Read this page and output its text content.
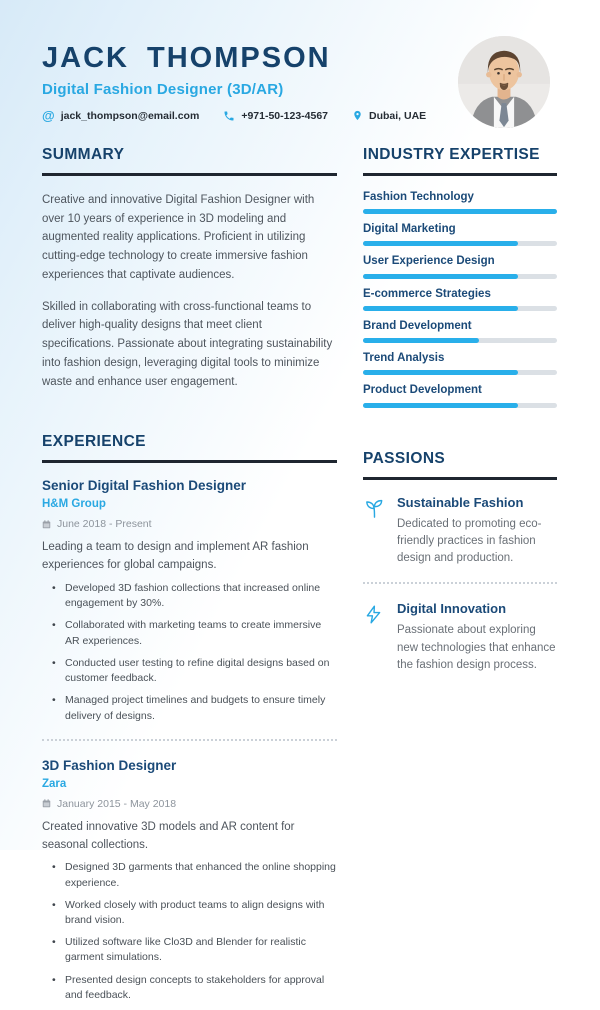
JACK THOMPSON
Digital Fashion Designer (3D/AR)
@ jack_thompson@email.com	+971-50-123-4567	Dubai, UAE
SUMMARY

Creative and innovative Digital Fashion Designer with over 10 years of experience in 3D modeling and augmented reality applications. Proficient in utilizing cutting-edge technology to create immersive fashion experiences that captivate audiences.

Skilled in collaborating with cross-functional teams to deliver high-quality designs that meet client specifications. Passionate about integrating sustainability into fashion design, leveraging digital tools to minimize waste and enhance user engagement.

EXPERIENCE
Senior Digital Fashion Designer
H&M Group
June 2018 - Present
Leading a team to design and implement AR fashion experiences for global campaigns.
• Developed 3D fashion collections that increased online engagement by 30%.
• Collaborated with marketing teams to create immersive AR experiences.
• Conducted user testing to refine digital designs based on customer feedback.
• Managed project timelines and budgets to ensure timely delivery of designs.
3D Fashion Designer
Zara
January 2015 - May 2018
Created innovative 3D models and AR content for seasonal collections.
• Designed 3D garments that enhanced the online shopping experience.
• Worked closely with product teams to align designs with brand vision.
• Utilized software like Clo3D and Blender for realistic garment simulations.
• Presented design concepts to stakeholders for approval and feedback.
INDUSTRY EXPERTISE
Fashion Technology
Digital Marketing
User Experience Design
E-commerce Strategies
Brand Development
Trend Analysis
Product Development
PASSIONS
Sustainable Fashion
Dedicated to promoting eco-friendly practices in fashion design and production.
Digital Innovation
Passionate about exploring new technologies that enhance the fashion design process.
